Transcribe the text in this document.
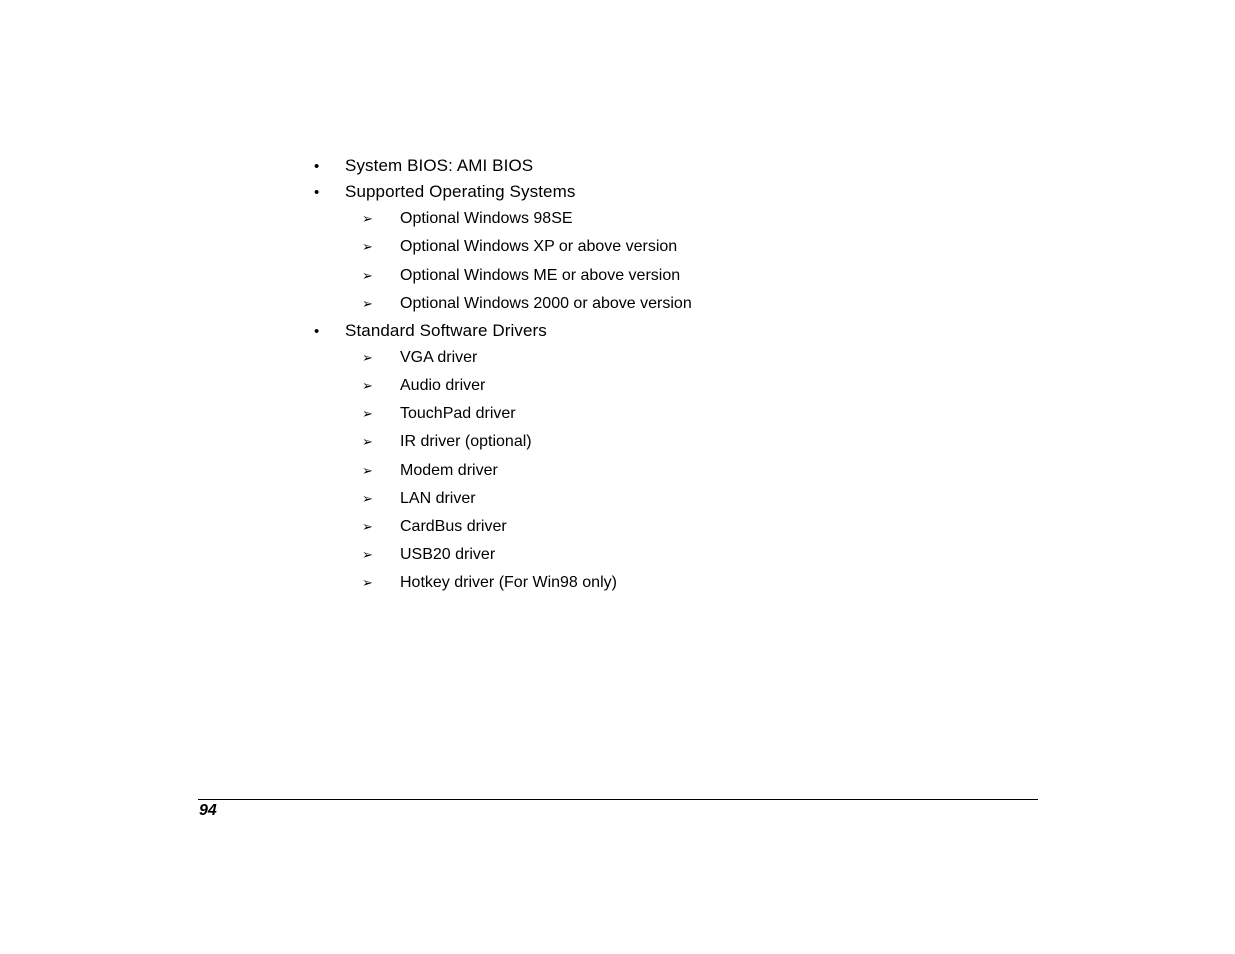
• System BIOS: AMI BIOS
• Supported Operating Systems
➢ Optional Windows 98SE
➢ Optional Windows XP or above version
➢ Optional Windows ME or above version
➢ Optional Windows 2000 or above version
• Standard Software Drivers
➢ VGA driver
➢ Audio driver
➢ TouchPad driver
➢ IR driver (optional)
➢ Modem driver
➢ LAN driver
➢ CardBus driver
➢ USB20 driver
➢ Hotkey driver (For Win98 only)
94
